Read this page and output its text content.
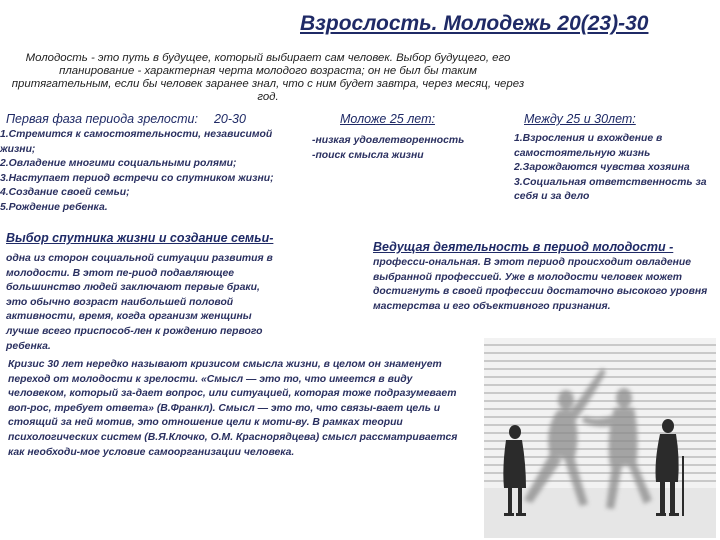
Взрослость. Молодежь 20(23)-30
Молодость - это путь в будущее, который выбирает сам человек. Выбор будущего, его планирование - характерная черта молодого возраста; он не был бы таким притягательным, если бы человек заранее знал, что с ним будет завтра, через месяц, через год.
Первая фаза периода зрелости: 20-30	Моложе 25 лет:	Между 25 и 30лет:
1.Стремится к самостоятельности, независимой жизни;
2.Овладение многими социальными ролями;
3.Наступает период встречи со спутником жизни;
4.Создание своей семьи;
5.Рождение ребенка.
-низкая удовлетворенность
-поиск смысла жизни
1.Взросления и вхождение в самостоятельную жизнь
2.Зарождаются чувства хозяина
3.Социальная ответственность за себя и за дело
Выбор спутника жизни и создание семьи-
одна из сторон социальной ситуации развития в молодости. В этот пе-риод подавляющее большинство людей заключают первые браки, это обычно возраст наибольшей половой активности, время, когда организм женщины лучше всего приспособ-лен к рождению первого ребенка.
Ведущая деятельность в период молодости -
професси-ональная. В этот период происходит овладение выбранной профессией. Уже в молодости человек может достигнуть в своей профессии достаточно высокого уровня мастерства и его объективного признания.
Кризис 30 лет нередко называют кризисом смысла жизни, в целом он знаменует переход от молодости к зрелости. «Смысл — это то, что имеется в виду человеком, который за-дает вопрос, или ситуацией, которая тоже подразумевает воп-рос, требует ответа» (В.Франкл). Смысл — это то, что связы-вает цель и стоящий за ней мотив, это отношение цели к моти-ву. В рамках теории психологических систем (В.Я.Клочко, О.М. Краснорядцева) смысл рассматривается как необходи-мое условие самоорганизации человека.
